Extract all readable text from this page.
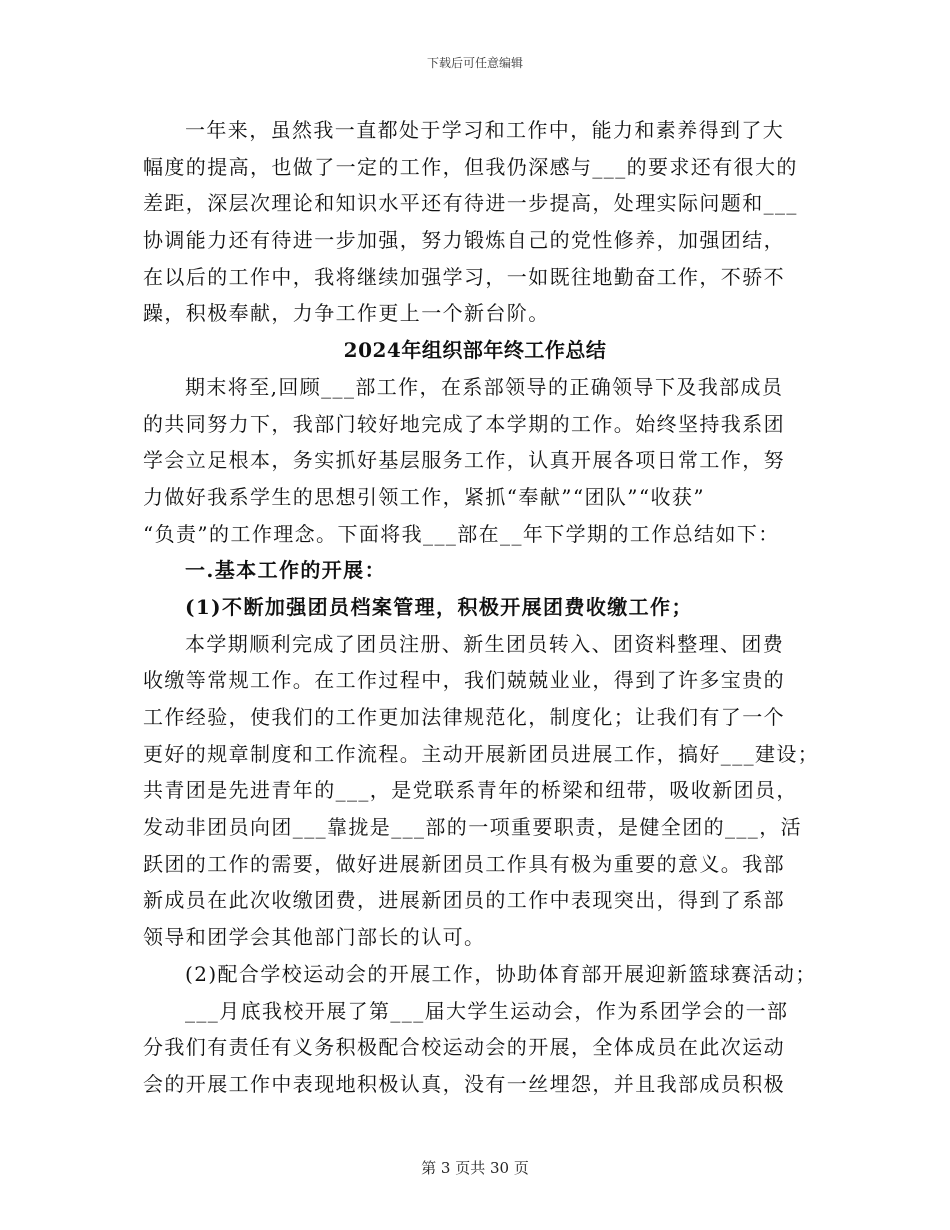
下载后可任意编辑
一年来，虽然我一直都处于学习和工作中，能力和素养得到了大
幅度的提高，也做了一定的工作，但我仍深感与___的要求还有很大的
差距，深层次理论和知识水平还有待进一步提高，处理实际问题和___
协调能力还有待进一步加强，努力锻炼自己的党性修养，加强团结，
在以后的工作中，我将继续加强学习，一如既往地勤奋工作，不骄不
躁，积极奉献，力争工作更上一个新台阶。
2024年组织部年终工作总结
期末将至,回顾___部工作，在系部领导的正确领导下及我部成员
的共同努力下，我部门较好地完成了本学期的工作。始终坚持我系团
学会立足根本，务实抓好基层服务工作，认真开展各项日常工作，努
力做好我系学生的思想引领工作，紧抓“奉献”“团队”“收获”
“负责”的工作理念。下面将我___部在__年下学期的工作总结如下：
一.基本工作的开展：
(1)不断加强团员档案管理，积极开展团费收缴工作；
本学期顺利完成了团员注册、新生团员转入、团资料整理、团费
收缴等常规工作。在工作过程中，我们兢兢业业，得到了许多宝贵的
工作经验，使我们的工作更加法律规范化，制度化；让我们有了一个
更好的规章制度和工作流程。主动开展新团员进展工作，搞好___建设；
共青团是先进青年的___，是党联系青年的桥梁和纽带，吸收新团员，
发动非团员向团___靠拢是___部的一项重要职责，是健全团的___，活
跃团的工作的需要，做好进展新团员工作具有极为重要的意义。我部
新成员在此次收缴团费，进展新团员的工作中表现突出，得到了系部
领导和团学会其他部门部长的认可。
(2)配合学校运动会的开展工作，协助体育部开展迎新篮球赛活动；
___月底我校开展了第___届大学生运动会，作为系团学会的一部
分我们有责任有义务积极配合校运动会的开展，全体成员在此次运动
会的开展工作中表现地积极认真，没有一丝埋怨，并且我部成员积极
第 3 页共 30 页
